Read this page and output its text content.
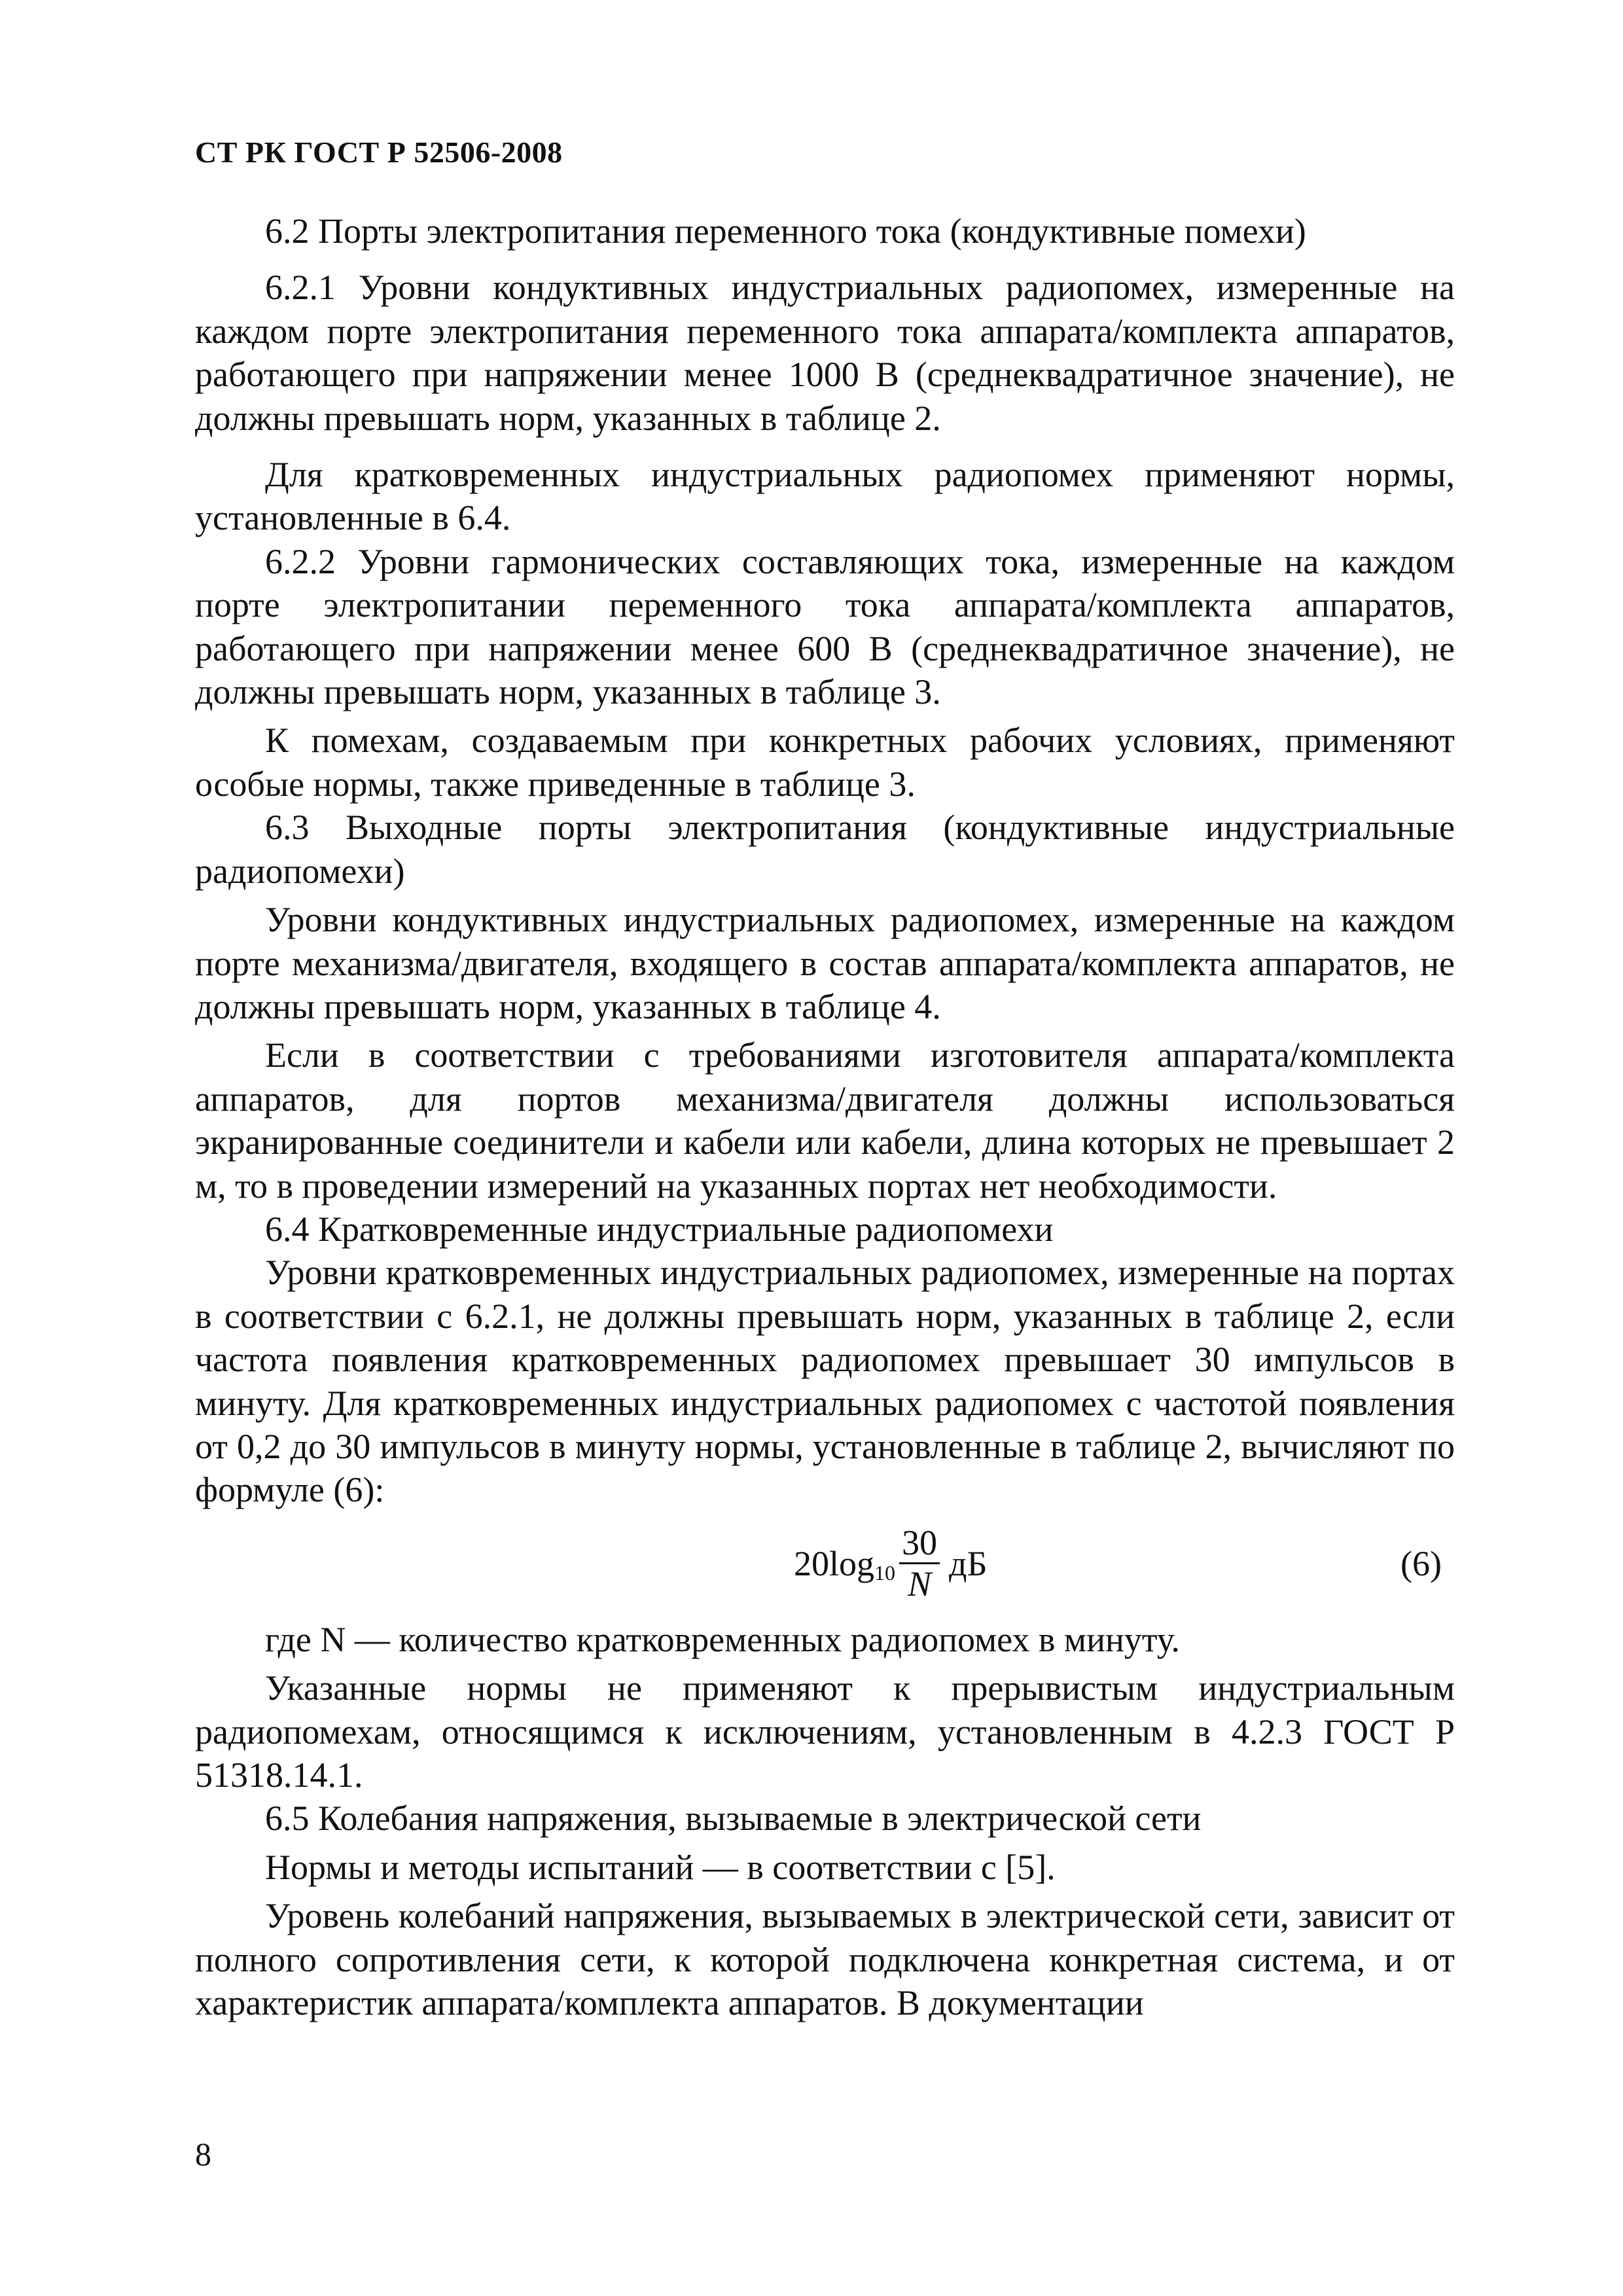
СТ РК ГОСТ Р 52506-2008

6.2 Порты электропитания переменного тока (кондуктивные помехи)

6.2.1 Уровни кондуктивных индустриальных радиопомех, измеренные на каждом порте электропитания переменного тока аппарата/комплекта аппаратов, работающего при напряжении менее 1000 В (среднеквадратичное значение), не должны превышать норм, указанных в таблице 2.

Для кратковременных индустриальных радиопомех применяют нормы, установленные в 6.4.

6.2.2 Уровни гармонических составляющих тока, измеренные на каждом порте электропитании переменного тока аппарата/комплекта аппаратов, работающего при напряжении менее 600 В (среднеквадратичное значение), не должны превышать норм, указанных в таблице 3.

К помехам, создаваемым при конкретных рабочих условиях, применяют особые нормы, также приведенные в таблице 3.

6.3 Выходные порты электропитания (кондуктивные индустриальные радиопомехи)

Уровни кондуктивных индустриальных радиопомех, измеренные на каждом порте механизма/двигателя, входящего в состав аппарата/комплекта аппаратов, не должны превышать норм, указанных в таблице 4.

Если в соответствии с требованиями изготовителя аппарата/комплекта аппаратов, для портов механизма/двигателя должны использоваться экранированные соединители и кабели или кабели, длина которых не превышает 2 м, то в проведении измерений на указанных портах нет необходимости.

6.4 Кратковременные индустриальные радиопомехи

Уровни кратковременных индустриальных радиопомех, измеренные на портах в соответствии с 6.2.1, не должны превышать норм, указанных в таблице 2, если частота появления кратковременных радиопомех превышает 30 импульсов в минуту. Для кратковременных индустриальных радиопомех с частотой появления от 0,2 до 30 импульсов в минуту нормы, установленные в таблице 2, вычисляют по формуле (6):

20log $10 \frac{30}{N}$ дБ	(6)

где N — количество кратковременных радиопомех в минуту.

Указанные нормы не применяют к прерывистым индустриальным радиопомехам, относящимся к исключениям, установленным в 4.2.3 ГОСТ Р 51318.14.1.

6.5 Колебания напряжения, вызываемые в электрической сети

Нормы и методы испытаний — в соответствии с [5].

Уровень колебаний напряжения, вызываемых в электрической сети, зависит от полного сопротивления сети, к которой подключена конкретная система, и от характеристик аппарата/комплекта аппаратов. В документации

8
